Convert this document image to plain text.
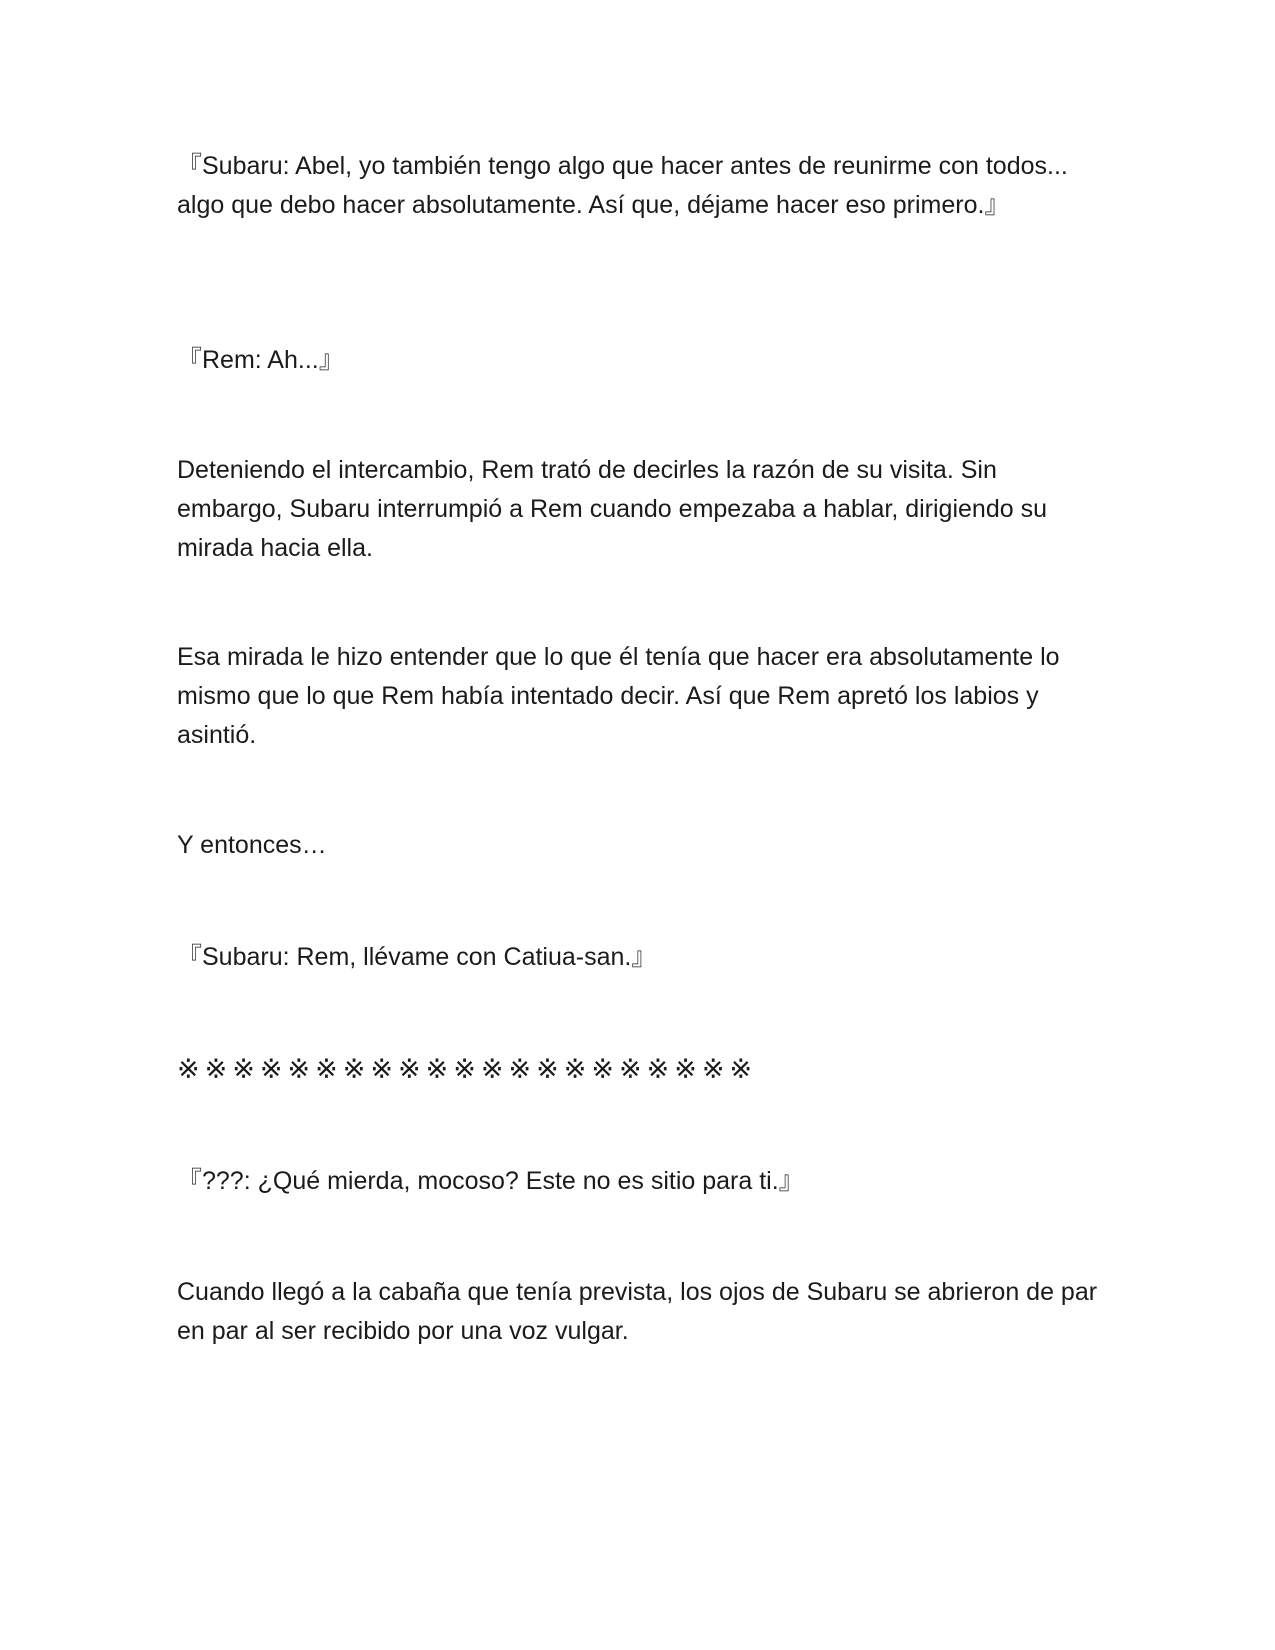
『Subaru: Abel, yo también tengo algo que hacer antes de reunirme con todos... algo que debo hacer absolutamente. Así que, déjame hacer eso primero.』

『Rem: Ah...』

Deteniendo el intercambio, Rem trató de decirles la razón de su visita. Sin embargo, Subaru interrumpió a Rem cuando empezaba a hablar, dirigiendo su mirada hacia ella.

Esa mirada le hizo entender que lo que él tenía que hacer era absolutamente lo mismo que lo que Rem había intentado decir. Así que Rem apretó los labios y asintió.

Y entonces…

『Subaru: Rem, llévame con Catiua-san.』

※※※※※※※※※※※※※※※※※※※※※

『???: ¿Qué mierda, mocoso? Este no es sitio para ti.』

Cuando llegó a la cabaña que tenía prevista, los ojos de Subaru se abrieron de par en par al ser recibido por una voz vulgar.
